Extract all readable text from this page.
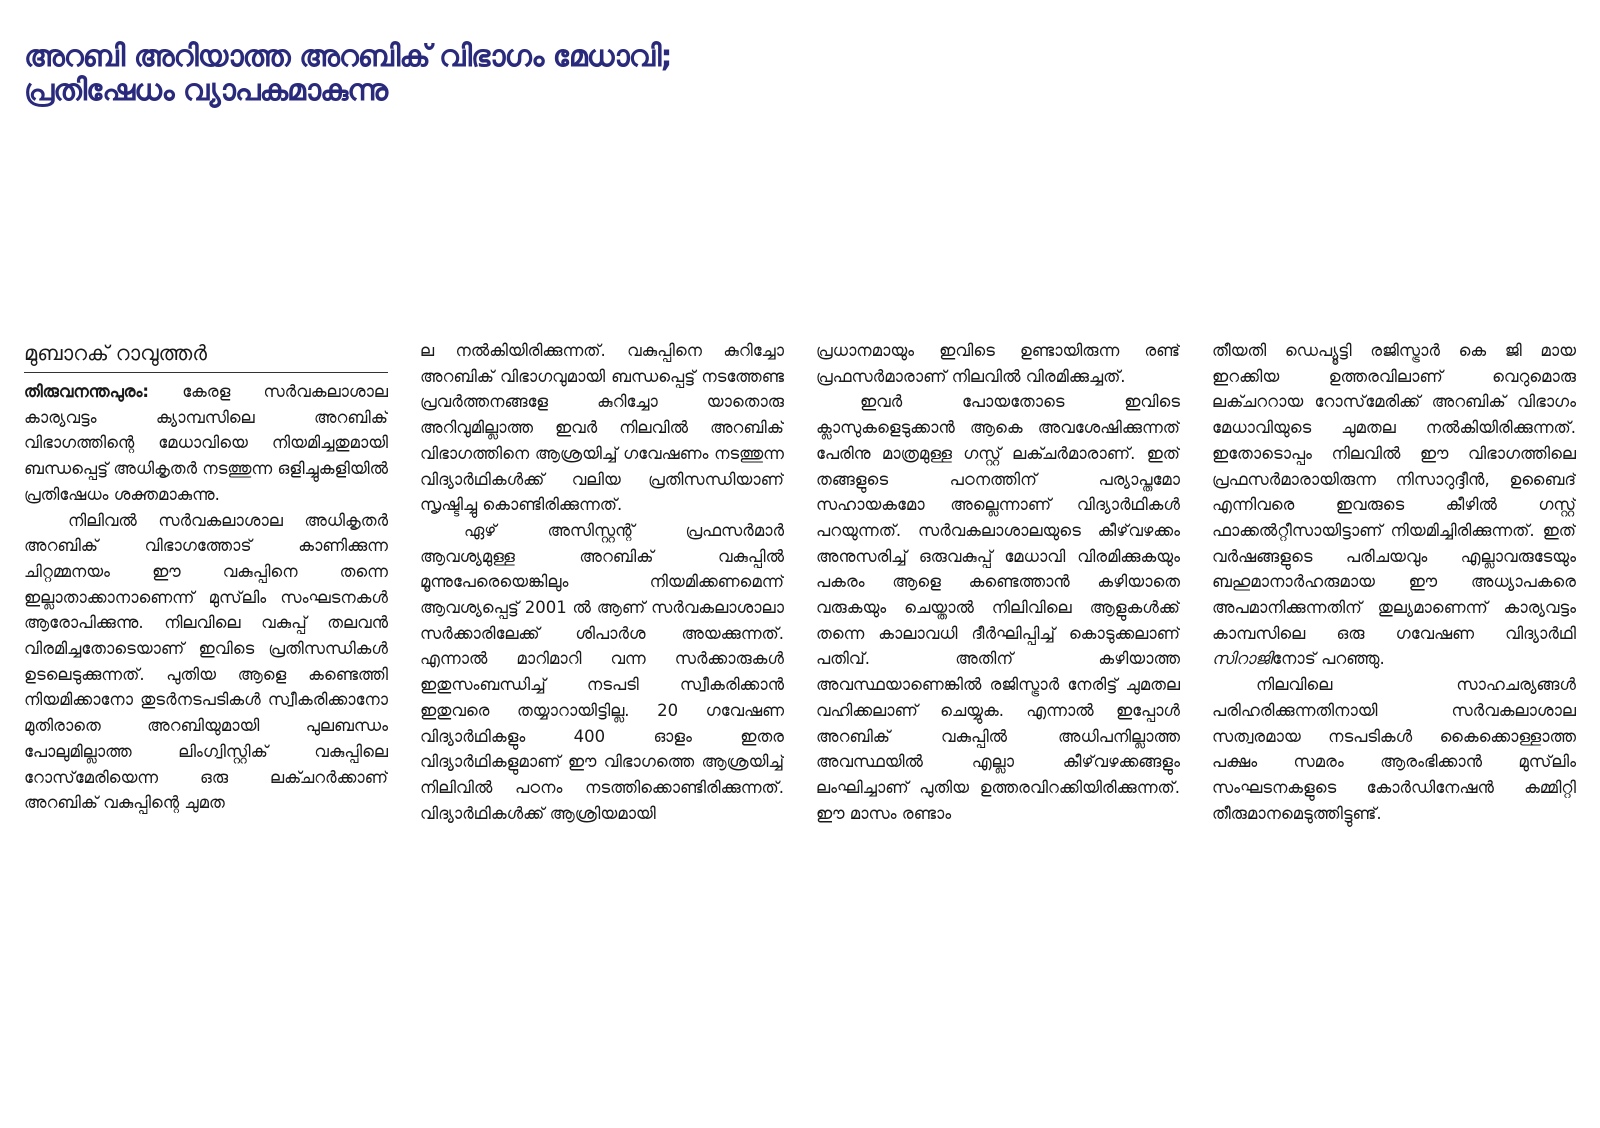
അറബി അറിയാത്ത അറബിക് വിഭാഗം മേധാവി;
പ്രതിഷേധം വ്യാപകമാകുന്നു
മുബാറക് റാവുത്തർ

തിരുവനന്തപുരം: കേരള സർവകലാശാല കാര്യവട്ടം ക്യാമ്പസിലെ അറബിക് വിഭാഗത്തിന്റെ മേധാവിയെ നിയമിച്ചതുമായി ബന്ധപ്പെട്ട് അധികൃതർ നടത്തുന്ന ഒളിച്ചുകളിയിൽ പ്രതിഷേധം ശക്തമാകുന്നു.

നിലിവൽ സർവകലാശാല അധികൃതർ അറബിക് വിഭാഗത്തോട് കാണിക്കുന്ന ചിറ്റമ്മനയം ഈ വകുപ്പിനെ തന്നെ ഇല്ലാതാക്കാനാണെന്ന് മുസ്‌ലിം സംഘടനകൾ ആരോപിക്കുന്നു. നിലവിലെ വകുപ്പ് തലവൻ വിരമിച്ചതോടെയാണ് ഇവിടെ പ്രതിസന്ധികൾ ഉടലെടുക്കുന്നത്. പുതിയ ആളെ കണ്ടെത്തി നിയമിക്കാനോ തുടർനടപടികൾ സ്വീകരിക്കാനോ മുതിരാതെ അറബിയുമായി പുലബന്ധം പോലുമില്ലാത്ത ലിംഗ്വിസ്റ്റിക് വകുപ്പിലെ റോസ്‌മേരിയെന്ന ഒരു ലക്ചറർക്കാണ് അറബിക് വകുപ്പിന്റെ ചുമത

ല നൽകിയിരിക്കുന്നത്. വകുപ്പിനെ കുറിച്ചോ അറബിക് വിഭാഗവുമായി ബന്ധപ്പെട്ട് നടത്തേണ്ട പ്രവർത്തനങ്ങളേ കുറിച്ചോ യാതൊരു അറിവുമില്ലാത്ത ഇവർ നിലവിൽ അറബിക് വിഭാഗത്തിനെ ആശ്രയിച്ച് ഗവേഷണം നടത്തുന്ന വിദ്യാർഥികൾക്ക് വലിയ പ്രതിസന്ധിയാണ് സൃഷ്ടിച്ചു കൊണ്ടിരിക്കുന്നത്.

ഏഴ് അസിസ്റ്റന്റ് പ്രഫസർമാർ ആവശ്യമുള്ള അറബിക് വകുപ്പിൽ മൂന്നുപേരെയെങ്കിലും നിയമിക്കണമെന്ന് ആവശ്യപ്പെട്ട് 2001 ൽ ആണ് സർവകലാശാലാ സർക്കാരിലേക്ക് ശിപാർശ അയക്കുന്നത്. എന്നാൽ മാറിമാറി വന്ന സർക്കാരുകൾ ഇതുസംബന്ധിച്ച് നടപടി സ്വീകരിക്കാൻ ഇതുവരെ തയ്യാറായിട്ടില്ല. 20 ഗവേഷണ വിദ്യാർഥികളും 400 ഓളം ഇതര വിദ്യാർഥികളുമാണ് ഈ വിഭാഗത്തെ ആശ്രയിച്ച് നിലിവിൽ പഠനം നടത്തിക്കൊണ്ടിരിക്കുന്നത്. വിദ്യാർഥികൾക്ക് ആശ്രിയമായി

പ്രധാനമായും ഇവിടെ ഉണ്ടായിരുന്ന രണ്ട് പ്രഫസർമാരാണ് നിലവിൽ വിരമിക്കുച്ചത്.

ഇവർ പോയതോടെ ഇവിടെ ക്ലാസുകളെടുക്കാൻ ആകെ അവശേഷിക്കുന്നത് പേരിനു മാത്രമുള്ള ഗസ്റ്റ് ലക്ചർമാരാണ്. ഇത് തങ്ങളുടെ പഠനത്തിന് പര്യാപ്തമോ സഹായകമോ അല്ലെന്നാണ് വിദ്യാർഥികൾ പറയുന്നത്. സർവകലാശാലയുടെ കീഴ്‌വഴക്കം അനുസരിച്ച് ഒരുവകുപ്പ് മേധാവി വിരമിക്കുകയും പകരം ആളെ കണ്ടെത്താൻ കഴിയാതെ വരുകയും ചെയ്താൽ നിലിവിലെ ആളുകൾക്ക് തന്നെ കാലാവധി ദീർഘിപ്പിച്ച് കൊടുക്കലാണ് പതിവ്. അതിന് കഴിയാത്ത അവസ്ഥയാണെങ്കിൽ രജിസ്ട്രാർ നേരിട്ട് ചുമതല വഹിക്കലാണ് ചെയ്യുക. എന്നാൽ ഇപ്പോൾ അറബിക് വകുപ്പിൽ അധിപനില്ലാത്ത അവസ്ഥയിൽ എല്ലാ കീഴ്‌വഴക്കങ്ങളും ലംഘിച്ചാണ് പുതിയ ഉത്തരവിറക്കിയിരിക്കുന്നത്. ഈ മാസം രണ്ടാം

തീയതി ഡെപ്യൂട്ടി രജിസ്ട്രാർ കെ ജി മായ ഇറക്കിയ ഉത്തരവിലാണ് വെറുമൊരു ലക്ചററായ റോസ്‌മേരിക്ക് അറബിക് വിഭാഗം മേധാവിയുടെ ചുമതല നൽകിയിരിക്കുന്നത്. ഇതോടൊപ്പം നിലവിൽ ഈ വിഭാഗത്തിലെ പ്രഫസർമാരായിരുന്ന നിസാറുദ്ദീൻ, ഉബൈദ് എന്നിവരെ ഇവരുടെ കീഴിൽ ഗസ്റ്റ് ഫാക്കൽറ്റീസായിട്ടാണ് നിയമിച്ചിരിക്കുന്നത്. ഇത് വർഷങ്ങളുടെ പരിചയവും എല്ലാവരുടേയും ബഹുമാനാർഹരുമായ ഈ അധ്യാപകരെ അപമാനിക്കുന്നതിന് തുല്യമാണെന്ന് കാര്യവട്ടം കാമ്പസിലെ ഒരു ഗവേഷണ വിദ്യാർഥി സിറാജിനോട് പറഞ്ഞു.

നിലവിലെ സാഹചര്യങ്ങൾ പരിഹരിക്കുന്നതിനായി സർവകലാശാല സത്വരമായ നടപടികൾ കൈക്കൊള്ളാത്ത പക്ഷം സമരം ആരംഭിക്കാൻ മുസ്‌ലിം സംഘടനകളുടെ കോർഡിനേഷൻ കമ്മിറ്റി തീരുമാനമെടുത്തിട്ടുണ്ട്.
